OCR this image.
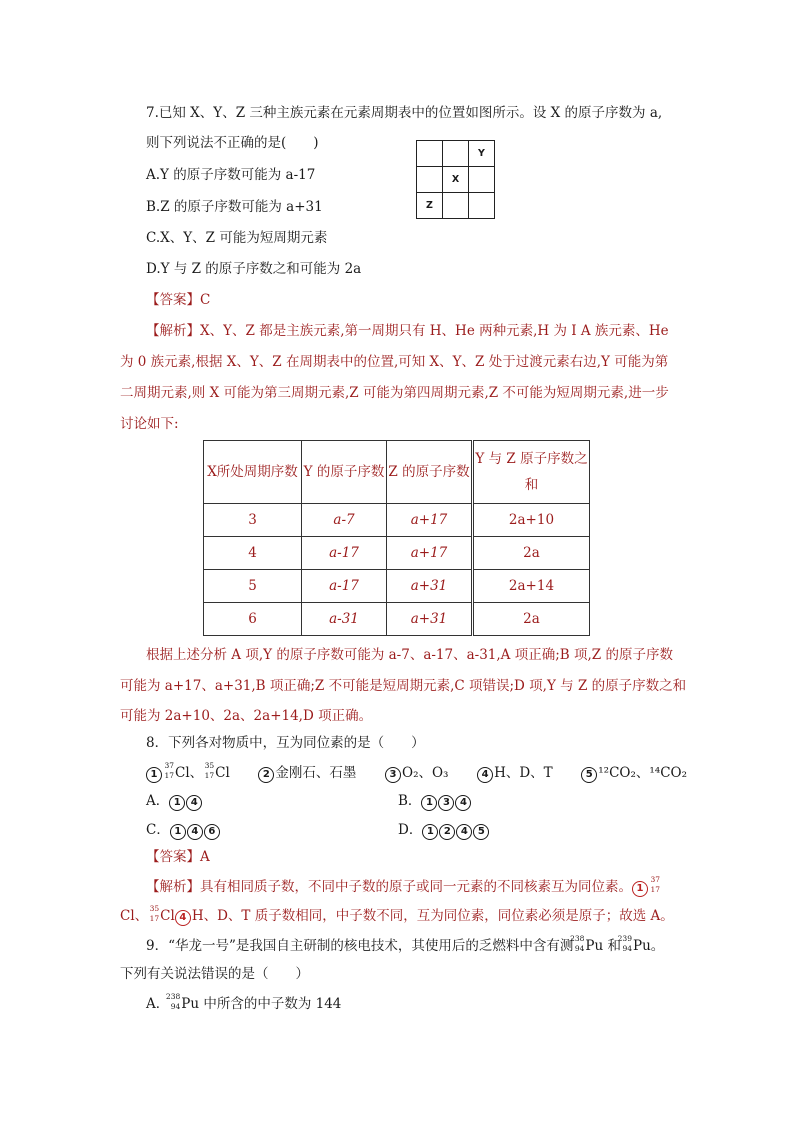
7.已知 X、Y、Z 三种主族元素在元素周期表中的位置如图所示。设 X 的原子序数为 a,
则下列说法不正确的是(　　)
A.Y 的原子序数可能为 a-17
B.Z 的原子序数可能为 a+31
C.X、Y、Z 可能为短周期元素
D.Y 与 Z 的原子序数之和可能为 2a
		Y
	X	
Z		
【答案】C
【解析】X、Y、Z 都是主族元素,第一周期只有 H、He 两种元素,H 为 I A 族元素、He
为 0 族元素,根据 X、Y、Z 在周期表中的位置,可知 X、Y、Z 处于过渡元素右边,Y 可能为第
二周期元素,则 X 可能为第三周期元素,Z 可能为第四周期元素,Z 不可能为短周期元素,进一步
讨论如下:
X所处周期序数	Y 的原子序数	Z 的原子序数	Y 与 Z 原子序数之和
3	a-7	a+17	2a+10
4	a-17	a+17	2a
5	a-17	a+31	2a+14
6	a-31	a+31	2a
根据上述分析 A 项,Y 的原子序数可能为 a-7、a-17、a-31,A 项正确;B 项,Z 的原子序数
可能为 a+17、a+31,B 项正确;Z 不可能是短周期元素,C 项错误;D 项,Y 与 Z 的原子序数之和
可能为 2a+10、2a、2a+14,D 项正确。
8．下列各对物质中，互为同位素的是（　　）
1
37
17 Cl、 35
17 Cl	2 金刚石、石墨	3 O₂、O₃	4 H、D、T	5 ¹²CO₂、¹⁴CO₂
A． 1 4	B． 1 3 4
C． 1 4 6	D． 1 2 4 5
【答案】A
【解析】具有相同质子数，不同中子数的原子或同一元素的不同核素互为同位素。 1
37
17
Cl、 35
17 Cl 4 H、D、T 质子数相同，中子数不同，互为同位素，同位素必须是原子；故选 A。
9．“华龙一号”是我国自主研制的核电技术，其使用后的乏燃料中含有测
238
94 Pu 和
239
94 Pu。
下列有关说法错误的是（　　）
A．
238
94 Pu 中所含的中子数为 144
